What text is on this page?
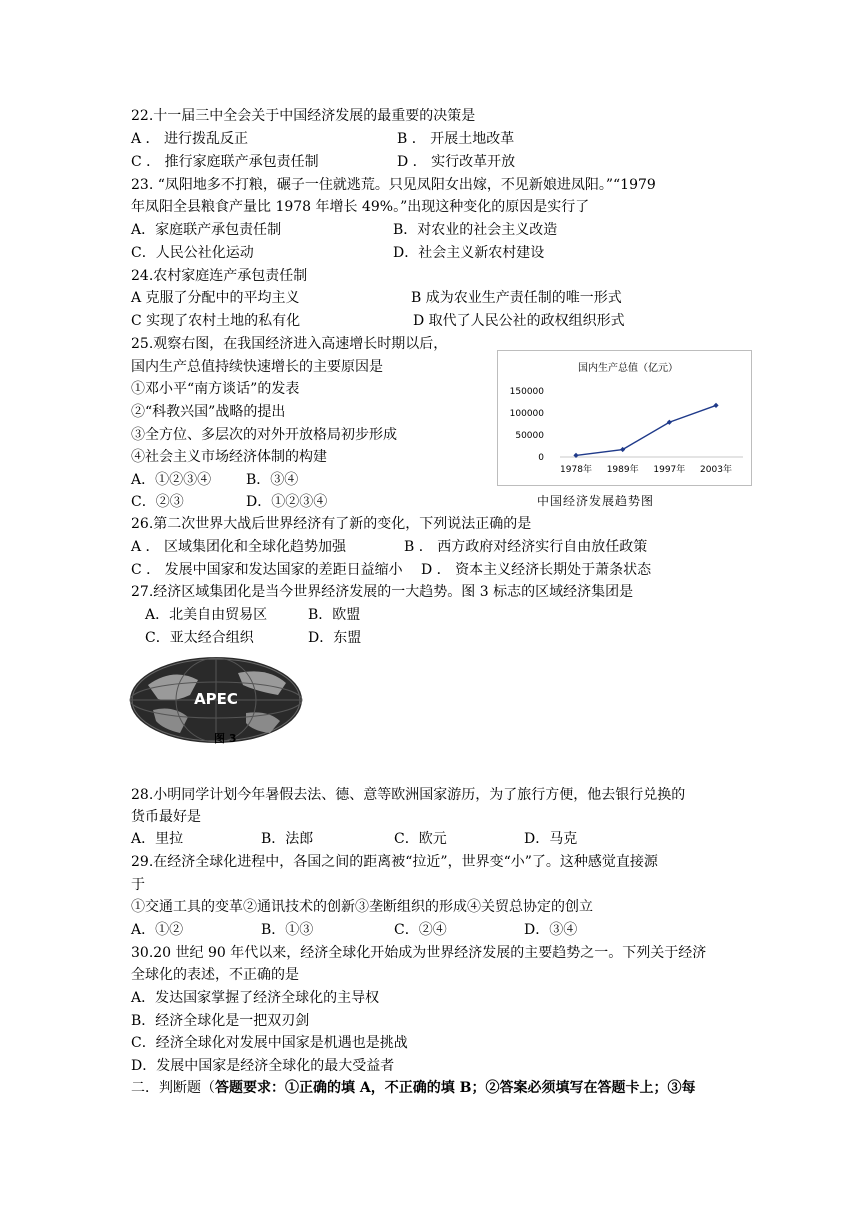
22.十一届三中全会关于中国经济发展的最重要的决策是
A ． 进行拨乱反正	B ． 开展土地改革
C ． 推行家庭联产承包责任制	D ． 实行改革开放
23. “凤阳地多不打粮，碾子一住就逃荒。只见凤阳女出嫁，不见新娘进凤阳。”“1979
年凤阳全县粮食产量比 1978 年增长 49%。”出现这种变化的原因是实行了
A．家庭联产承包责任制	B．对农业的社会主义改造
C．人民公社化运动	D．社会主义新农村建设
24.农村家庭连产承包责任制
A 克服了分配中的平均主义	B 成为农业生产责任制的唯一形式
C 实现了农村土地的私有化	D 取代了人民公社的政权组织形式
25.观察右图，在我国经济进入高速增长时期以后，
国内生产总值持续快速增长的主要原因是
①邓小平“南方谈话”的发表
②“科教兴国”战略的提出
③全方位、多层次的对外开放格局初步形成
④社会主义市场经济体制的构建
A．①②③④ B．③④
C．②③	D．①②③④
国内生产总值（亿元）
150000
100000
50000
0
1978年 1989年 1997年 2003年
中国经济发展趋势图
26.第二次世界大战后世界经济有了新的变化，下列说法正确的是
A ． 区域集团化和全球化趋势加强	B ． 西方政府对经济实行自由放任政策
C ． 发展中国家和发达国家的差距日益缩小 D ． 资本主义经济长期处于萧条状态
27.经济区域集团化是当今世界经济发展的一大趋势。图 3 标志的区域经济集团是
A．北美自由贸易区	B．欧盟
C．亚太经合组织	D．东盟
APEC
图 3
28.小明同学计划今年暑假去法、德、意等欧洲国家游历，为了旅行方便，他去银行兑换的
货币最好是
A．里拉	B．法郎	C．欧元	D．马克
29.在经济全球化进程中，各国之间的距离被“拉近”，世界变“小”了。这种感觉直接源
于
①交通工具的变革②通讯技术的创新③垄断组织的形成④关贸总协定的创立
A．①②	B．①③	C．②④	D．③④
30.20 世纪 90 年代以来，经济全球化开始成为世界经济发展的主要趋势之一。下列关于经济
全球化的表述，不正确的是
A．发达国家掌握了经济全球化的主导权
B．经济全球化是一把双刃剑
C．经济全球化对发展中国家是机遇也是挑战
D．发展中国家是经济全球化的最大受益者
二．判断题（答题要求：①正确的填 A，不正确的填 B；②答案必须填写在答题卡上；③每
